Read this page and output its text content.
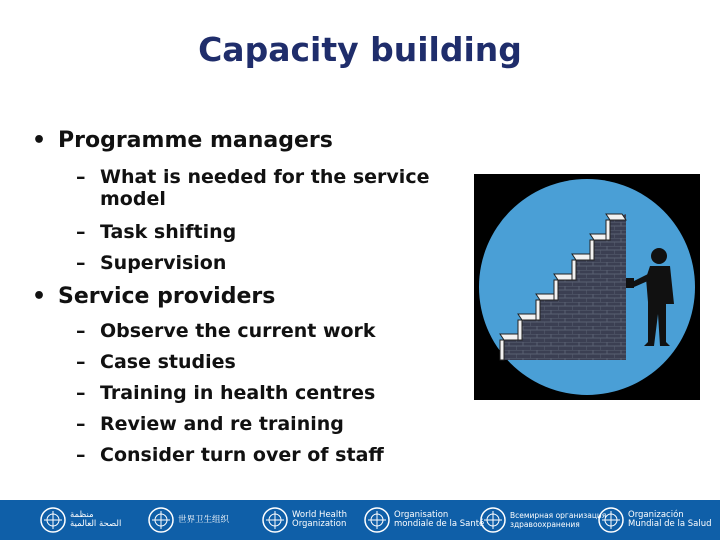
Capacity building
• Programme managers
– What is needed for the service
model
– Task shifting
– Supervision
• Service providers
– Observe the current work
– Case studies
– Training in health centres
– Review and re training
– Consider turn over of staff
منظمة
الصحة العالمية	世界卫生组织	World Health
Organization
Organisation
mondiale de la Santé
Всемирная организация
здравоохранения
Organización
Mundial de la Salud
